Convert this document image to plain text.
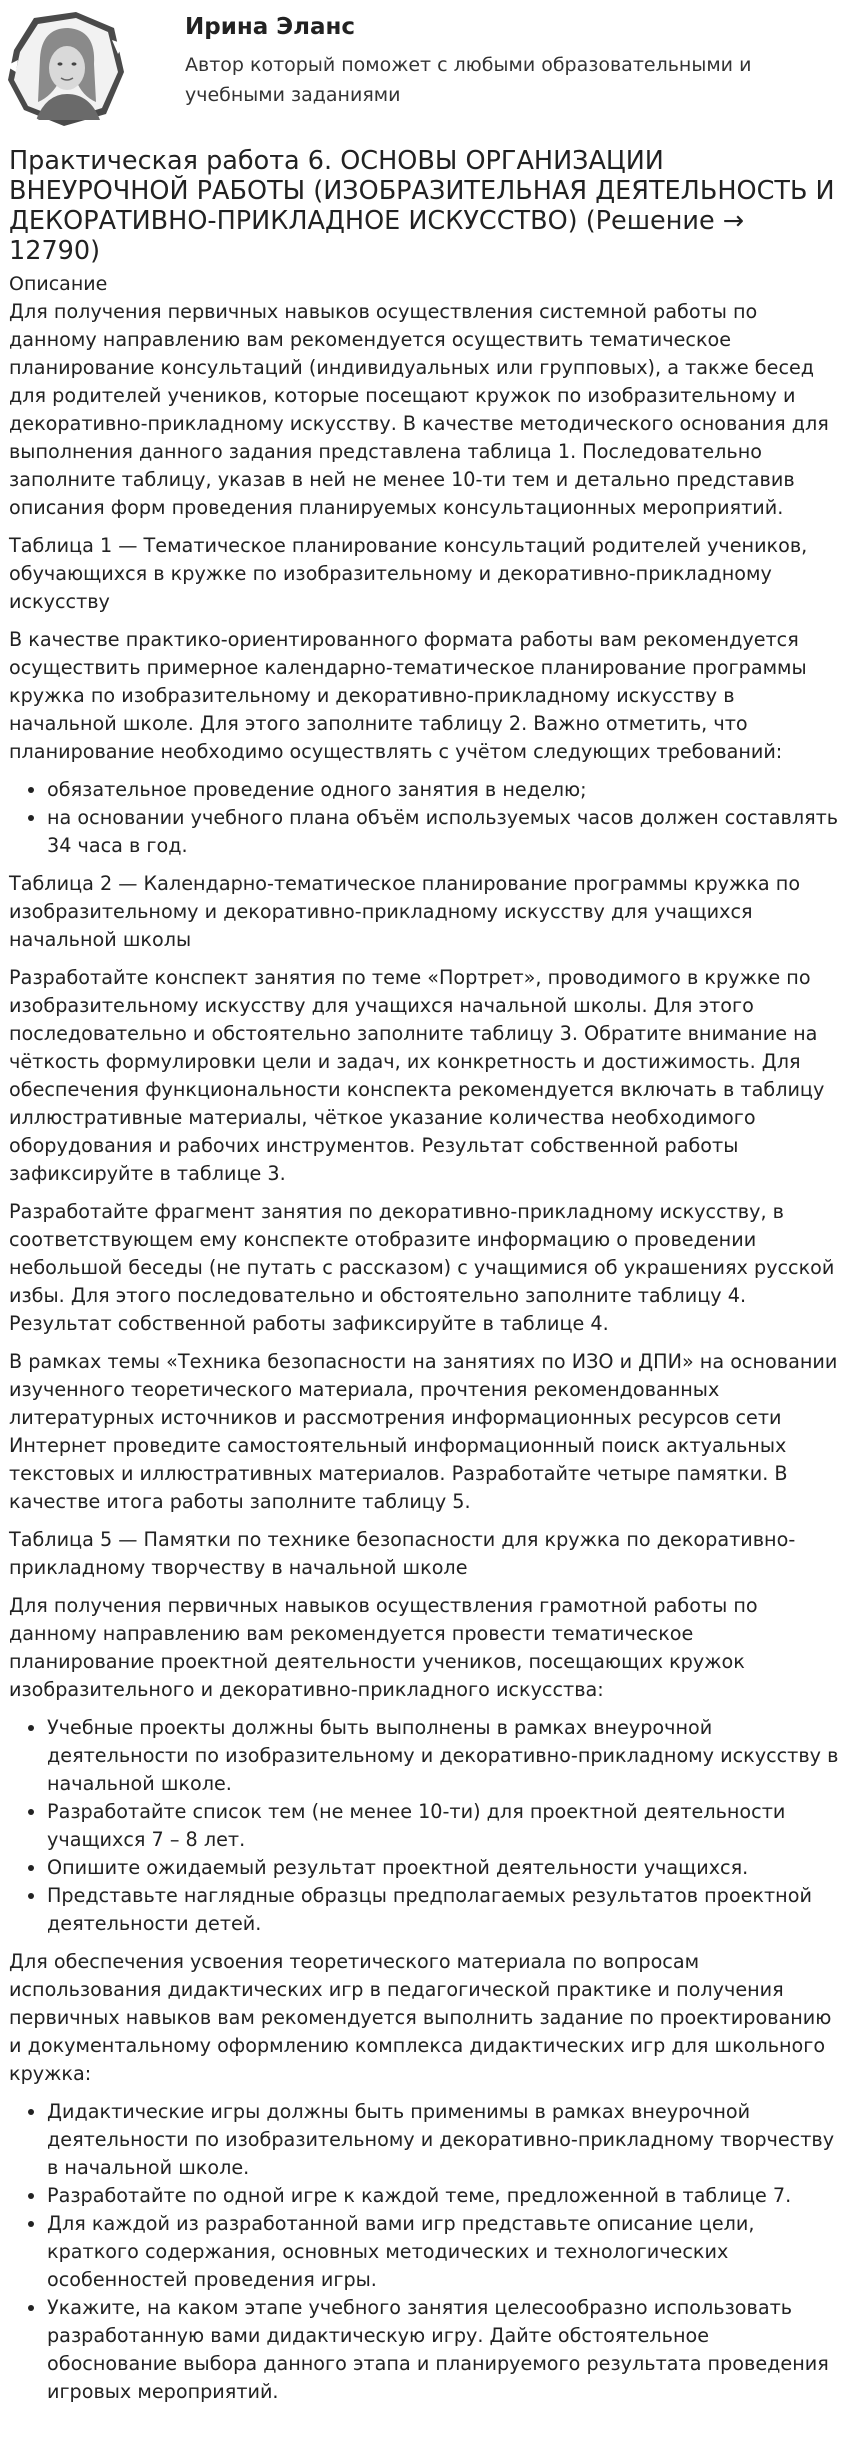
Ирина Эланс
Автор который поможет с любыми образовательными и учебными заданиями
Практическая работа 6. ОСНОВЫ ОРГАНИЗАЦИИ ВНЕУРОЧНОЙ РАБОТЫ (ИЗОБРАЗИТЕЛЬНАЯ ДЕЯТЕЛЬНОСТЬ И ДЕКОРАТИВНО-ПРИКЛАДНОЕ ИСКУССТВО) (Решение → 12790)
Описание

Для получения первичных навыков осуществления системной работы по данному направлению вам рекомендуется осуществить тематическое планирование консультаций (индивидуальных или групповых), а также бесед для родителей учеников, которые посещают кружок по изобразительному и декоративно-прикладному искусству. В качестве методического основания для выполнения данного задания представлена таблица 1. Последовательно заполните таблицу, указав в ней не менее 10-ти тем и детально представив описания форм проведения планируемых консультационных мероприятий.

Таблица 1 — Тематическое планирование консультаций родителей учеников, обучающихся в кружке по изобразительному и декоративно-прикладному искусству

В качестве практико-ориентированного формата работы вам рекомендуется осуществить примерное календарно-тематическое планирование программы кружка по изобразительному и декоративно-прикладному искусству в начальной школе. Для этого заполните таблицу 2. Важно отметить, что планирование необходимо осуществлять с учётом следующих требований:

• обязательное проведение одного занятия в неделю;
• на основании учебного плана объём используемых часов должен составлять 34 часа в год.

Таблица 2 — Календарно-тематическое планирование программы кружка по изобразительному и декоративно-прикладному искусству для учащихся начальной школы

Разработайте конспект занятия по теме «Портрет», проводимого в кружке по изобразительному искусству для учащихся начальной школы. Для этого последовательно и обстоятельно заполните таблицу 3. Обратите внимание на чёткость формулировки цели и задач, их конкретность и достижимость. Для обеспечения функциональности конспекта рекомендуется включать в таблицу иллюстративные материалы, чёткое указание количества необходимого оборудования и рабочих инструментов. Результат собственной работы зафиксируйте в таблице 3.

Разработайте фрагмент занятия по декоративно-прикладному искусству, в соответствующем ему конспекте отобразите информацию о проведении небольшой беседы (не путать с рассказом) с учащимися об украшениях русской избы. Для этого последовательно и обстоятельно заполните таблицу 4. Результат собственной работы зафиксируйте в таблице 4.

В рамках темы «Техника безопасности на занятиях по ИЗО и ДПИ» на основании изученного теоретического материала, прочтения рекомендованных литературных источников и рассмотрения информационных ресурсов сети Интернет проведите самостоятельный информационный поиск актуальных текстовых и иллюстративных материалов. Разработайте четыре памятки. В качестве итога работы заполните таблицу 5.

Таблица 5 — Памятки по технике безопасности для кружка по декоративно-прикладному творчеству в начальной школе

Для получения первичных навыков осуществления грамотной работы по данному направлению вам рекомендуется провести тематическое планирование проектной деятельности учеников, посещающих кружок изобразительного и декоративно-прикладного искусства:

• Учебные проекты должны быть выполнены в рамках внеурочной деятельности по изобразительному и декоративно-прикладному искусству в начальной школе.
• Разработайте список тем (не менее 10-ти) для проектной деятельности учащихся 7 – 8 лет.
• Опишите ожидаемый результат проектной деятельности учащихся.
• Представьте наглядные образцы предполагаемых результатов проектной деятельности детей.

Для обеспечения усвоения теоретического материала по вопросам использования дидактических игр в педагогической практике и получения первичных навыков вам рекомендуется выполнить задание по проектированию и документальному оформлению комплекса дидактических игр для школьного кружка:

• Дидактические игры должны быть применимы в рамках внеурочной деятельности по изобразительному и декоративно-прикладному творчеству в начальной школе.
• Разработайте по одной игре к каждой теме, предложенной в таблице 7.
• Для каждой из разработанной вами игр представьте описание цели, краткого содержания, основных методических и технологических особенностей проведения игры.
• Укажите, на каком этапе учебного занятия целесообразно использовать разработанную вами дидактическую игру. Дайте обстоятельное обоснование выбора данного этапа и планируемого результата проведения игровых мероприятий.
